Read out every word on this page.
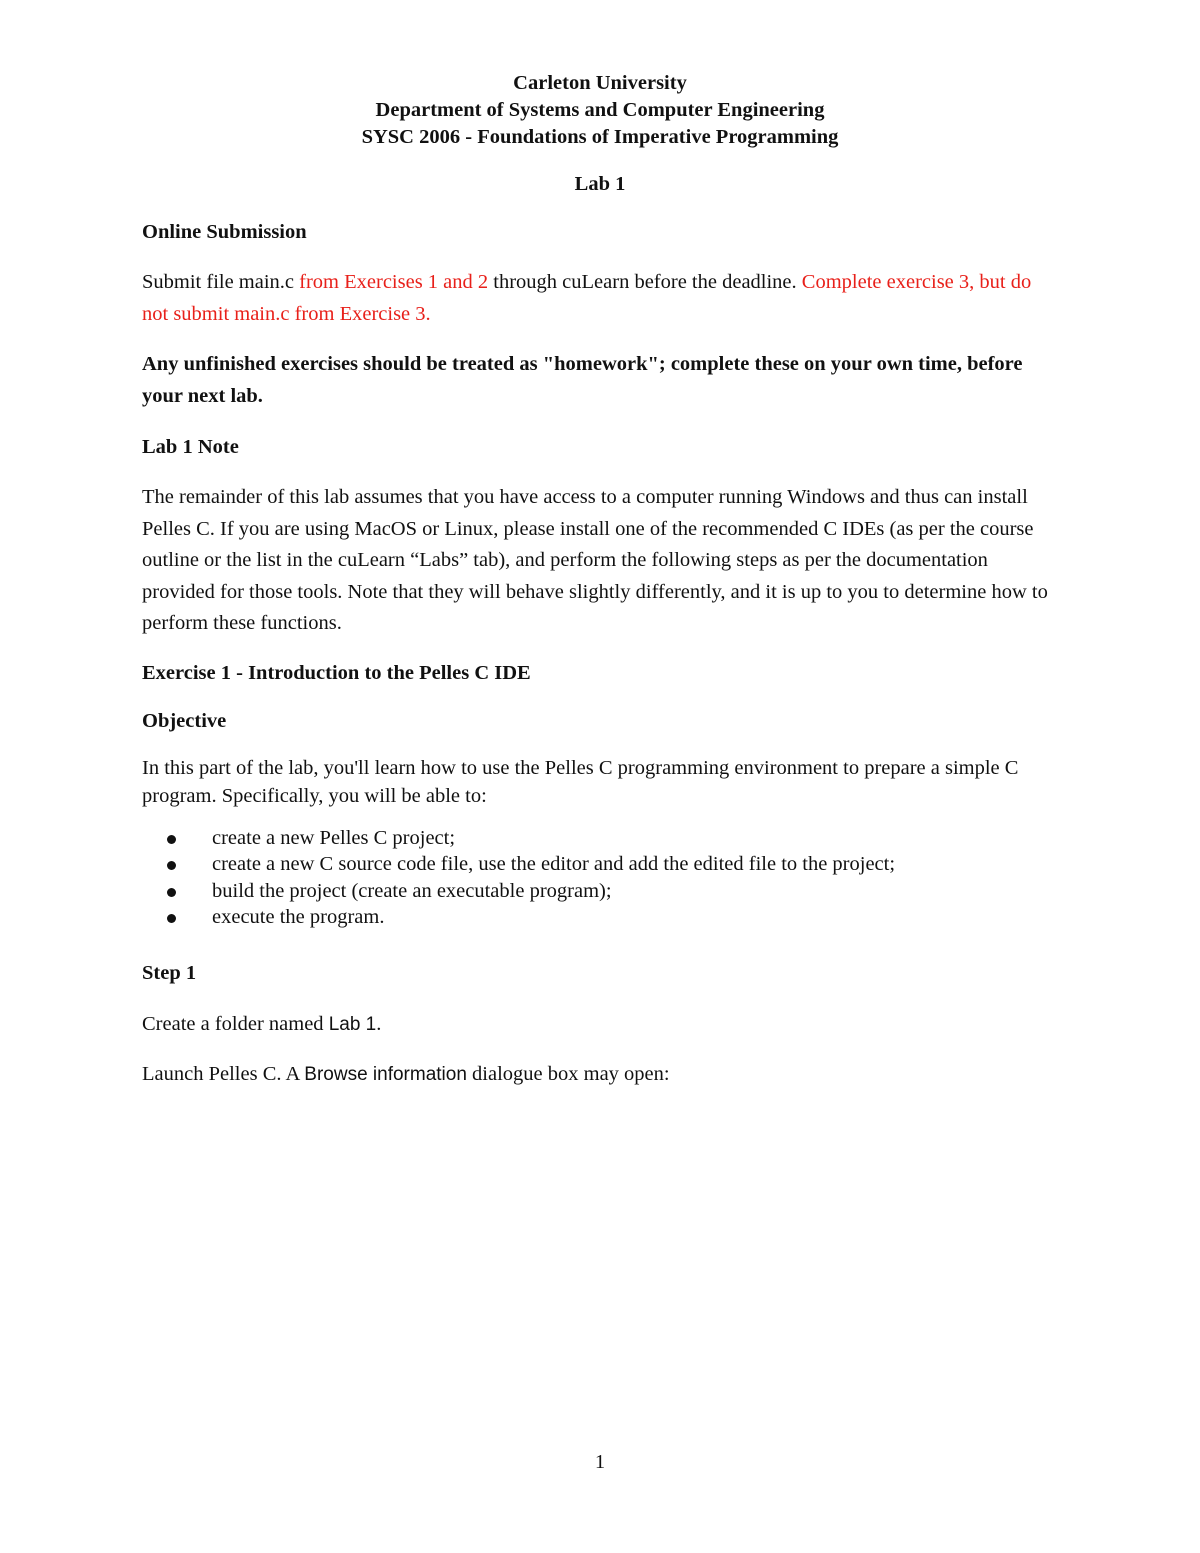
Carleton University
Department of Systems and Computer Engineering
SYSC 2006 - Foundations of Imperative Programming
Lab 1
Online Submission

Submit file main.c from Exercises 1 and 2 through cuLearn before the deadline. Complete exercise 3, but do not submit main.c from Exercise 3.

Any unfinished exercises should be treated as "homework"; complete these on your own time, before your next lab.

Lab 1 Note

The remainder of this lab assumes that you have access to a computer running Windows and thus can install Pelles C. If you are using MacOS or Linux, please install one of the recommended C IDEs (as per the course outline or the list in the cuLearn “Labs” tab), and perform the following steps as per the documentation provided for those tools. Note that they will behave slightly differently, and it is up to you to determine how to perform these functions.

Exercise 1 - Introduction to the Pelles C IDE
Objective

In this part of the lab, you'll learn how to use the Pelles C programming environment to prepare a simple C program. Specifically, you will be able to:

create a new Pelles C project;
create a new C source code file, use the editor and add the edited file to the project;
build the project (create an executable program);
execute the program.
Step 1

Create a folder named Lab 1.

Launch Pelles C. A Browse information dialogue box may open:

1
